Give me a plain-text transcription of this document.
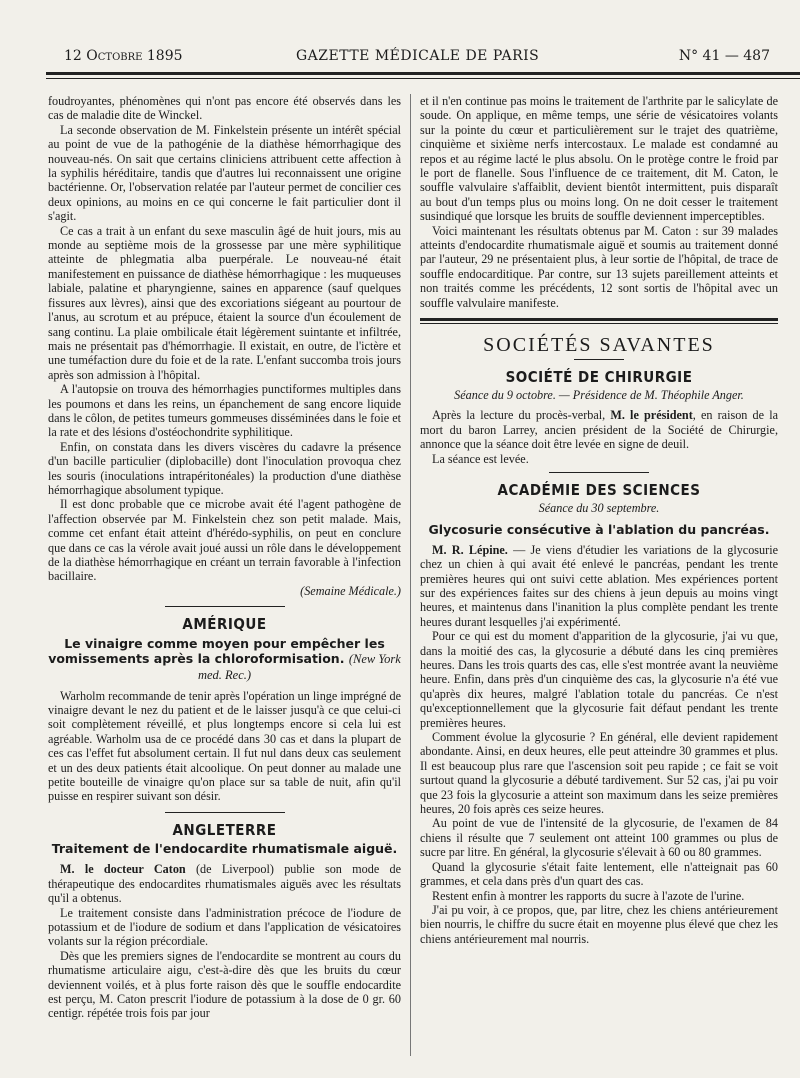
12 Octobre 1895	GAZETTE MÉDICALE DE PARIS	N° 41 — 487

foudroyantes, phénomènes qui n'ont pas encore été observés dans les cas de maladie dite de Winckel.

La seconde observation de M. Finkelstein présente un intérêt spécial au point de vue de la pathogénie de la diathèse hémorrhagique des nouveau-nés. On sait que certains cliniciens attribuent cette affection à la syphilis héréditaire, tandis que d'autres lui reconnaissent une origine bactérienne. Or, l'observation relatée par l'auteur permet de concilier ces deux opinions, au moins en ce qui concerne le fait particulier dont il s'agit.

Ce cas a trait à un enfant du sexe masculin âgé de huit jours, mis au monde au septième mois de la grossesse par une mère syphilitique atteinte de phlegmatia alba puerpérale. Le nouveau-né était manifestement en puissance de diathèse hémorrhagique : les muqueuses labiale, palatine et pharyngienne, saines en apparence (sauf quelques fissures aux lèvres), ainsi que des excoriations siégeant au pourtour de l'anus, au scrotum et au prépuce, étaient la source d'un écoulement de sang continu. La plaie ombilicale était légèrement suintante et infiltrée, mais ne présentait pas d'hémorrhagie. Il existait, en outre, de l'ictère et une tuméfaction dure du foie et de la rate. L'enfant succomba trois jours après son admission à l'hôpital.

A l'autopsie on trouva des hémorrhagies punctiformes multiples dans les poumons et dans les reins, un épanchement de sang encore liquide dans le côlon, de petites tumeurs gommeuses disséminées dans le foie et la rate et des lésions d'ostéochondrite syphilitique.

Enfin, on constata dans les divers viscères du cadavre la présence d'un bacille particulier (diplobacille) dont l'inoculation provoqua chez les souris (inoculations intrapéritonéales) la production d'une diathèse hémorrhagique absolument typique.

Il est donc probable que ce microbe avait été l'agent pathogène de l'affection observée par M. Finkelstein chez son petit malade. Mais, comme cet enfant était atteint d'hérédo-syphilis, on peut en conclure que dans ce cas la vérole avait joué aussi un rôle dans le développement de la diathèse hémorrhagique en créant un terrain favorable à l'infection bacillaire.

(Semaine Médicale.)
AMÉRIQUE
Le vinaigre comme moyen pour empêcher les vomissements après la chloroformisation. (New York med. Rec.)

Warholm recommande de tenir après l'opération un linge imprégné de vinaigre devant le nez du patient et de le laisser jusqu'à ce que celui-ci soit complètement réveillé, et plus longtemps encore si cela lui est agréable. Warholm usa de ce procédé dans 30 cas et dans la plupart de ces cas l'effet fut absolument certain. Il fut nul dans deux cas seulement et un des deux patients était alcoolique. On peut donner au malade une petite bouteille de vinaigre qu'on place sur sa table de nuit, afin qu'il puisse en respirer suivant son désir.

ANGLETERRE
Traitement de l'endocardite rhumatismale aiguë.

M. le docteur Caton (de Liverpool) publie son mode de thérapeutique des endocardites rhumatismales aiguës avec les résultats qu'il a obtenus.

Le traitement consiste dans l'administration précoce de l'iodure de potassium et de l'iodure de sodium et dans l'application de vésicatoires volants sur la région précordiale.

Dès que les premiers signes de l'endocardite se montrent au cours du rhumatisme articulaire aigu, c'est-à-dire dès que les bruits du cœur deviennent voilés, et à plus forte raison dès que le souffle endocardite est perçu, M. Caton prescrit l'iodure de potassium à la dose de 0 gr. 60 centigr. répétée trois fois par jour

et il n'en continue pas moins le traitement de l'arthrite par le salicylate de soude. On applique, en même temps, une série de vésicatoires volants sur la pointe du cœur et particulièrement sur le trajet des quatrième, cinquième et sixième nerfs intercostaux. Le malade est condamné au repos et au régime lacté le plus absolu. On le protège contre le froid par le port de flanelle. Sous l'influence de ce traitement, dit M. Caton, le souffle valvulaire s'affaiblit, devient bientôt intermittent, puis disparaît au bout d'un temps plus ou moins long. On ne doit cesser le traitement susindiqué que lorsque les bruits de souffle deviennent imperceptibles.

Voici maintenant les résultats obtenus par M. Caton : sur 39 malades atteints d'endocardite rhumatismale aiguë et soumis au traitement donné par l'auteur, 29 ne présentaient plus, à leur sortie de l'hôpital, de trace de souffle endocarditique. Par contre, sur 13 sujets pareillement atteints et non traités comme les précédents, 12 sont sortis de l'hôpital avec un souffle valvulaire manifeste.

SOCIÉTÉS SAVANTES
SOCIÉTÉ DE CHIRURGIE
Séance du 9 octobre. — Présidence de M. Théophile Anger.

Après la lecture du procès-verbal, M. le président, en raison de la mort du baron Larrey, ancien président de la Société de Chirurgie, annonce que la séance doit être levée en signe de deuil.

La séance est levée.

ACADÉMIE DES SCIENCES
Séance du 30 septembre.
Glycosurie consécutive à l'ablation du pancréas.

M. R. Lépine. — Je viens d'étudier les variations de la glycosurie chez un chien à qui avait été enlevé le pancréas, pendant les trente premières heures qui ont suivi cette ablation. Mes expériences portent sur des expériences faites sur des chiens à jeun depuis au moins vingt heures, et maintenus dans l'inanition la plus complète pendant les trente heures durant lesquelles j'ai expérimenté.

Pour ce qui est du moment d'apparition de la glycosurie, j'ai vu que, dans la moitié des cas, la glycosurie a débuté dans les cinq premières heures. Dans les trois quarts des cas, elle s'est montrée avant la neuvième heure. Enfin, dans près d'un cinquième des cas, la glycosurie n'a été vue qu'après dix heures, malgré l'ablation totale du pancréas. Ce n'est qu'exceptionnellement que la glycosurie fait défaut pendant les trente premières heures.

Comment évolue la glycosurie ? En général, elle devient rapidement abondante. Ainsi, en deux heures, elle peut atteindre 30 grammes et plus. Il est beaucoup plus rare que l'ascension soit peu rapide ; ce fait se voit surtout quand la glycosurie a débuté tardivement. Sur 52 cas, j'ai pu voir que 23 fois la glycosurie a atteint son maximum dans les seize premières heures, 20 fois après ces seize heures.

Au point de vue de l'intensité de la glycosurie, de l'examen de 84 chiens il résulte que 7 seulement ont atteint 100 grammes ou plus de sucre par litre. En général, la glycosurie s'élevait à 60 ou 80 grammes.

Quand la glycosurie s'était faite lentement, elle n'atteignait pas 60 grammes, et cela dans près d'un quart des cas.

Restent enfin à montrer les rapports du sucre à l'azote de l'urine.

J'ai pu voir, à ce propos, que, par litre, chez les chiens antérieurement bien nourris, le chiffre du sucre était en moyenne plus élevé que chez les chiens antérieurement mal nourris.
